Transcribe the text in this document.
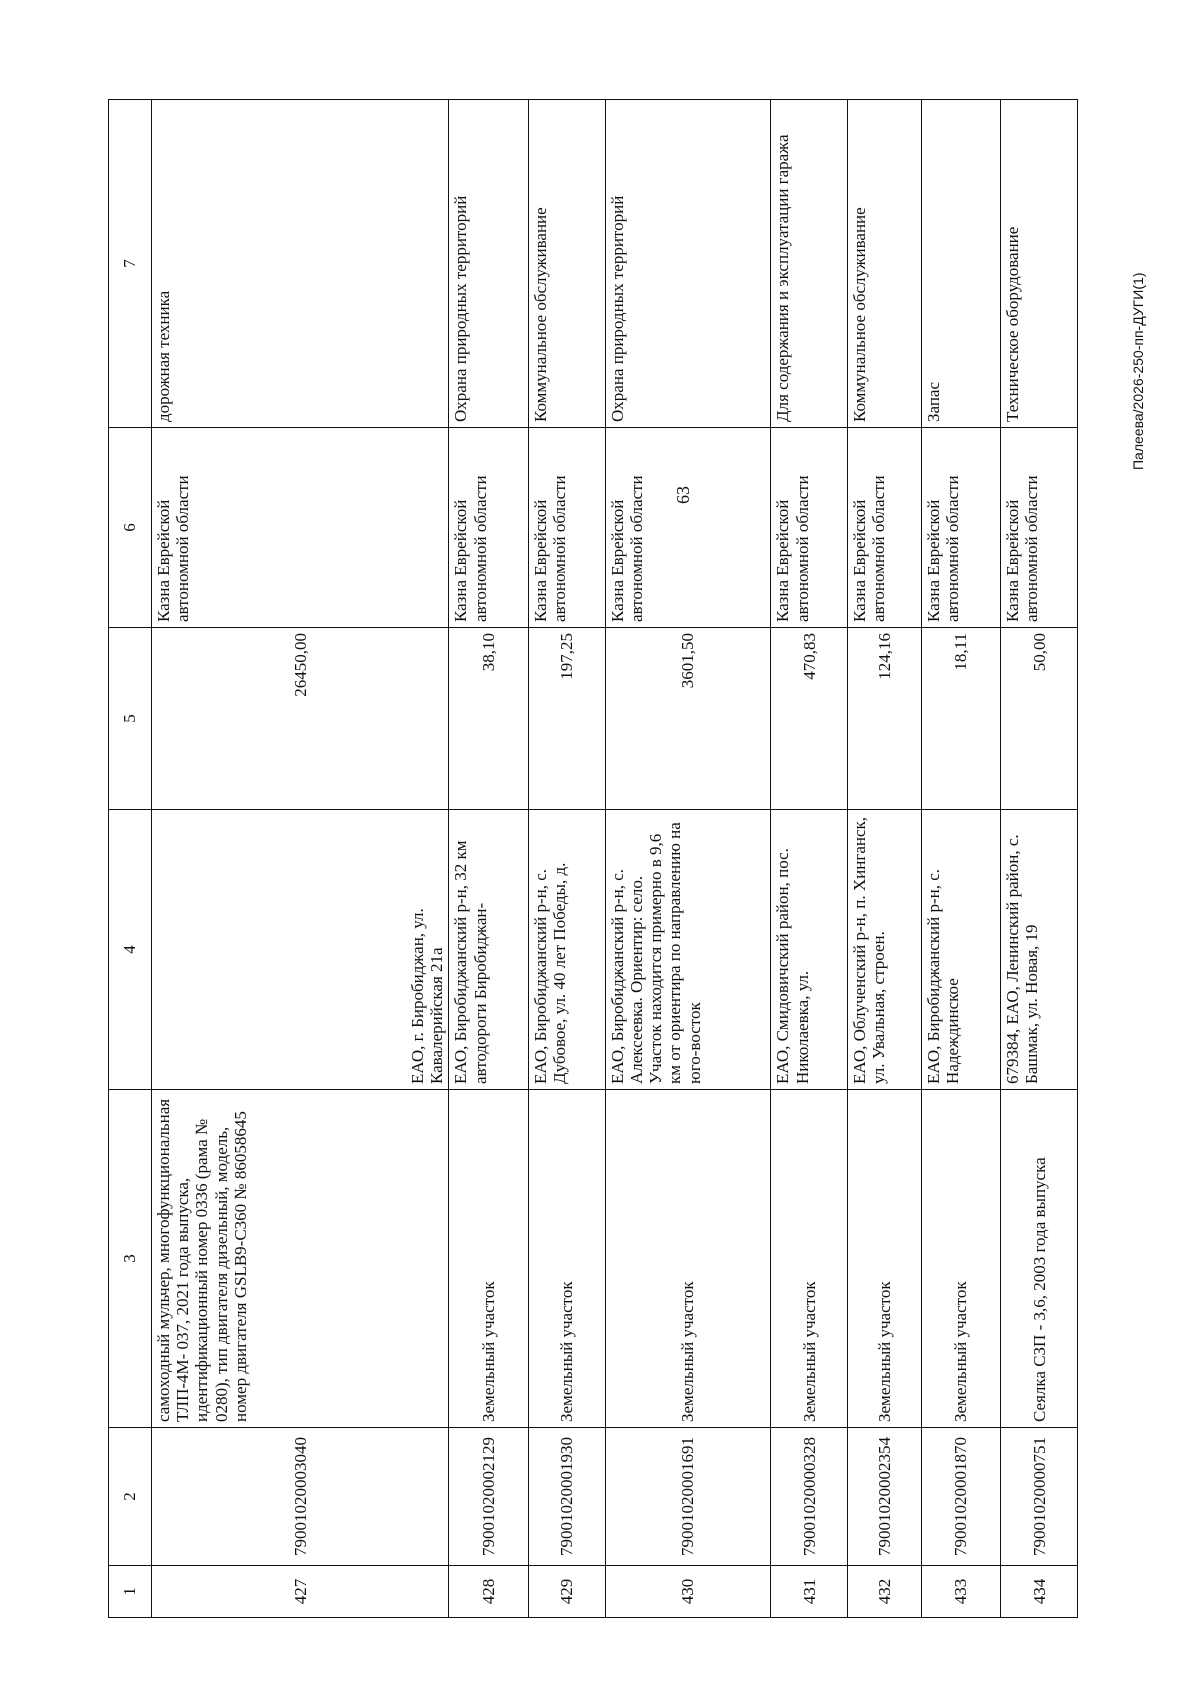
63
Палеева/2026-250-пп-ДУГИ(1)
1	2	3	4	5	6	7
427	79001020003040	самоходный мульчер, многофункциональная ТЛП-4М- 037, 2021 года выпуска, идентификационный номер 0336 (рама № 0280), тип двигателя дизельный, модель, номер двигателя GSLB9-C360 № 86058645	ЕАО, г. Биробиджан, ул. Кавалерийская 21а	26450,00	Казна Еврейской автономной области	дорожная техника
428	79001020002129	Земельный участок	ЕАО, Биробиджанский р-н, 32 км автодороги Биробиджан-	38,10	Казна Еврейской автономной области	Охрана природных территорий
429	79001020001930	Земельный участок	ЕАО, Биробиджанский р-н, с. Дубовое, ул. 40 лет Победы, д.	197,25	Казна Еврейской автономной области	Коммунальное обслуживание
430	79001020001691	Земельный участок	ЕАО, Биробиджанский р-н, с. Алексеевка. Ориентир: село. Участок находится примерно в 9,6 км от ориентира по направлению на юго-восток	3601,50	Казна Еврейской автономной области	Охрана природных территорий
431	79001020000328	Земельный участок	ЕАО, Смидовичский район, пос. Николаевка, ул.	470,83	Казна Еврейской автономной области	Для содержания и эксплуатации гаража
432	79001020002354	Земельный участок	ЕАО, Облученский р-н, п. Хинганск, ул. Увальная, строен.	124,16	Казна Еврейской автономной области	Коммунальное обслуживание
433	79001020001870	Земельный участок	ЕАО, Биробиджанский р-н, с. Надеждинское	18,11	Казна Еврейской автономной области	Запас
434	79001020000751	Сеялка СЗП - 3,6, 2003 года выпуска	679384, ЕАО, Ленинский район, с. Башмак, ул. Новая, 19	50,00	Казна Еврейской автономной области	Техническое оборудование
